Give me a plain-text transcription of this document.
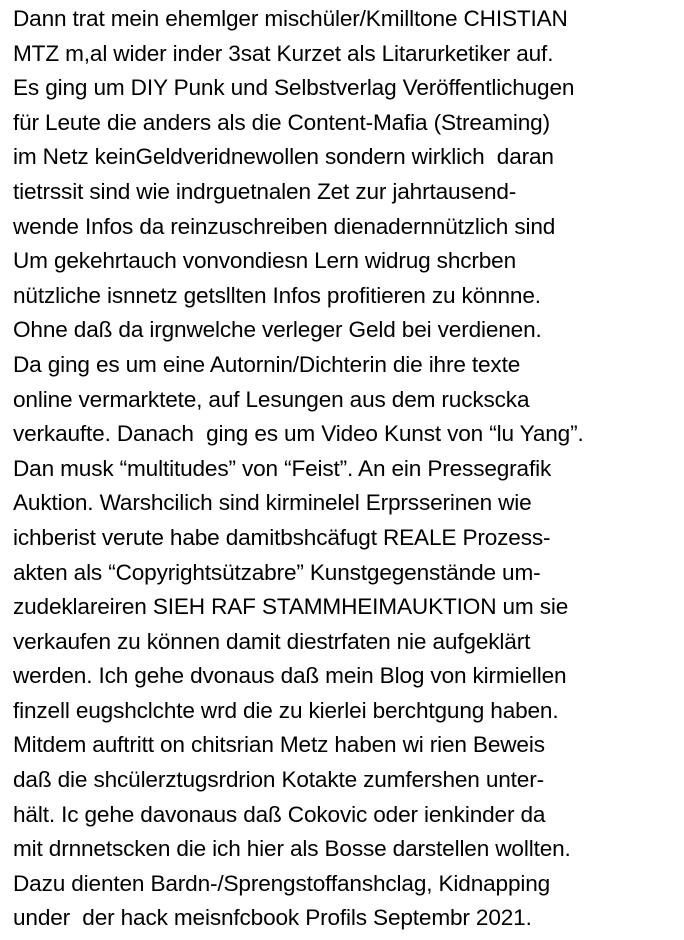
Dann trat mein ehemlger mischüler/Kmilltone CHISTIAN
MTZ m,al wider inder 3sat Kurzet als Litarurketiker auf.
Es ging um DIY Punk und Selbstverlag Veröffentlichugen
für Leute die anders als die Content-Mafia (Streaming)
im Netz keinGeldveridnewollen sondern wirklich  daran
tietrssit sind wie indrguetnalen Zet zur jahrtausend-
wende Infos da reinzuschreiben dienadernnützlich sind
Um gekehrtauch vonvondiesn Lern widrug shcrben
nützliche isnnetz getsllten Infos profitieren zu könnne.
Ohne daß da irgnwelche verleger Geld bei verdienen.
Da ging es um eine Autornin/Dichterin die ihre texte
online vermarktete, auf Lesungen aus dem ruckscka
verkaufte. Danach  ging es um Video Kunst von “lu Yang”.
Dan musk “multitudes” von “Feist”. An ein Pressegrafik
Auktion. Warshcilich sind kirminelel Erprsserinen wie
ichberist verute habe damitbshcäfugt REALE Prozess-
akten als “Copyrightsützabre” Kunstgegenstände um-
zudeklareiren SIEH RAF STAMMHEIMAUKTION um sie
verkaufen zu können damit diestrfaten nie aufgeklärt
werden. Ich gehe dvonaus daß mein Blog von kirmiellen
finzell eugshclchte wrd die zu kierlei berchtgung haben.
Mitdem auftritt on chitsrian Metz haben wi rien Beweis
daß die shcülerztugsrdrion Kotakte zumfershen unter-
hält. Ic gehe davonaus daß Cokovic oder ienkinder da
mit drnnetscken die ich hier als Bosse darstellen wollten.
Dazu dienten Bardn-/Sprengstoffanshclag, Kidnapping
under  der hack meisnfcbook Profils Septembr 2021.
